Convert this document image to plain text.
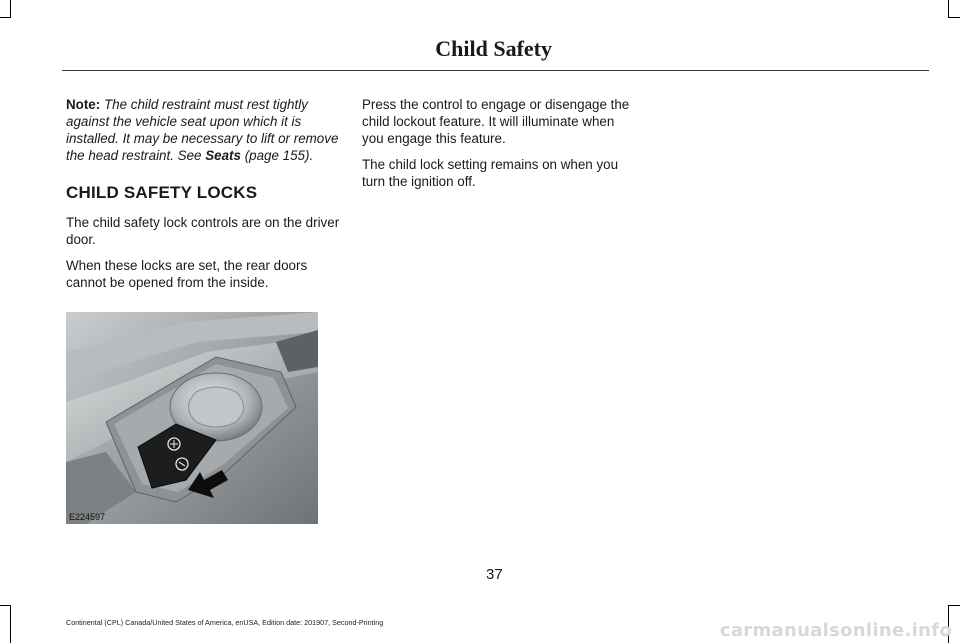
Child Safety

Note: The child restraint must rest tightly against the vehicle seat upon which it is installed. It may be necessary to lift or remove the head restraint. See Seats (page 155).

CHILD SAFETY LOCKS

The child safety lock controls are on the driver door.

When these locks are set, the rear doors cannot be opened from the inside.

E224597

Press the control to engage or disengage the child lockout feature. It will illuminate when you engage this feature.

The child lock setting remains on when you turn the ignition off.

37
Continental (CPL) Canada/United States of America, enUSA, Edition date: 201907, Second-Printing	carmanualsonline.info
